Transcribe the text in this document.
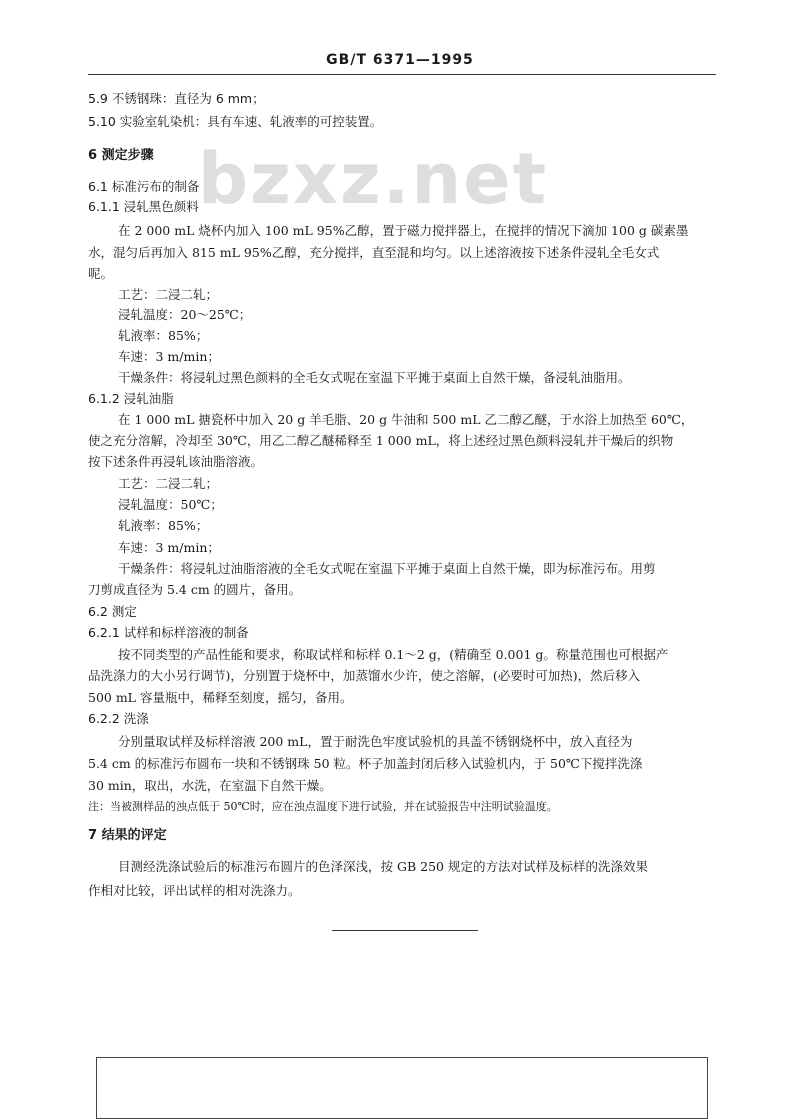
GB/T 6371—1995
bzxz.net
5.9 不锈钢珠：直径为 6 mm；
5.10 实验室轧染机：具有车速、轧液率的可控装置。
6 测定步骤
6.1 标准污布的制备
6.1.1 浸轧黑色颜料
在 2 000 mL 烧杯内加入 100 mL 95%乙醇，置于磁力搅拌器上，在搅拌的情况下滴加 100 g 碳素墨
水，混匀后再加入 815 mL 95%乙醇，充分搅拌，直至混和均匀。以上述溶液按下述条件浸轧全毛女式
呢。
工艺：二浸二轧；
浸轧温度：20～25℃；
轧液率：85%；
车速：3 m/min；
干燥条件：将浸轧过黑色颜料的全毛女式呢在室温下平摊于桌面上自然干燥，备浸轧油脂用。
6.1.2 浸轧油脂
在 1 000 mL 搪瓷杯中加入 20 g 羊毛脂、20 g 牛油和 500 mL 乙二醇乙醚，于水浴上加热至 60℃，
使之充分溶解，冷却至 30℃，用乙二醇乙醚稀释至 1 000 mL，将上述经过黑色颜料浸轧并干燥后的织物
按下述条件再浸轧该油脂溶液。
工艺：二浸二轧；
浸轧温度：50℃；
轧液率：85%；
车速：3 m/min；
干燥条件：将浸轧过油脂溶液的全毛女式呢在室温下平摊于桌面上自然干燥，即为标准污布。用剪
刀剪成直径为 5.4 cm 的圆片，备用。
6.2 测定
6.2.1 试样和标样溶液的制备
按不同类型的产品性能和要求，称取试样和标样 0.1～2 g，(精确至 0.001 g。称量范围也可根据产
品洗涤力的大小另行调节)，分别置于烧杯中，加蒸馏水少许，使之溶解，(必要时可加热)，然后移入
500 mL 容量瓶中，稀释至刻度，摇匀，备用。
6.2.2 洗涤
分别量取试样及标样溶液 200 mL，置于耐洗色牢度试验机的具盖不锈钢烧杯中，放入直径为
5.4 cm 的标准污布圆布一块和不锈钢珠 50 粒。杯子加盖封闭后移入试验机内，于 50℃下搅拌洗涤
30 min，取出，水洗，在室温下自然干燥。
注：当被测样品的浊点低于 50℃时，应在浊点温度下进行试验，并在试验报告中注明试验温度。
7 结果的评定
目测经洗涤试验后的标准污布圆片的色泽深浅，按 GB 250 规定的方法对试样及标样的洗涤效果
作相对比较，评出试样的相对洗涤力。
